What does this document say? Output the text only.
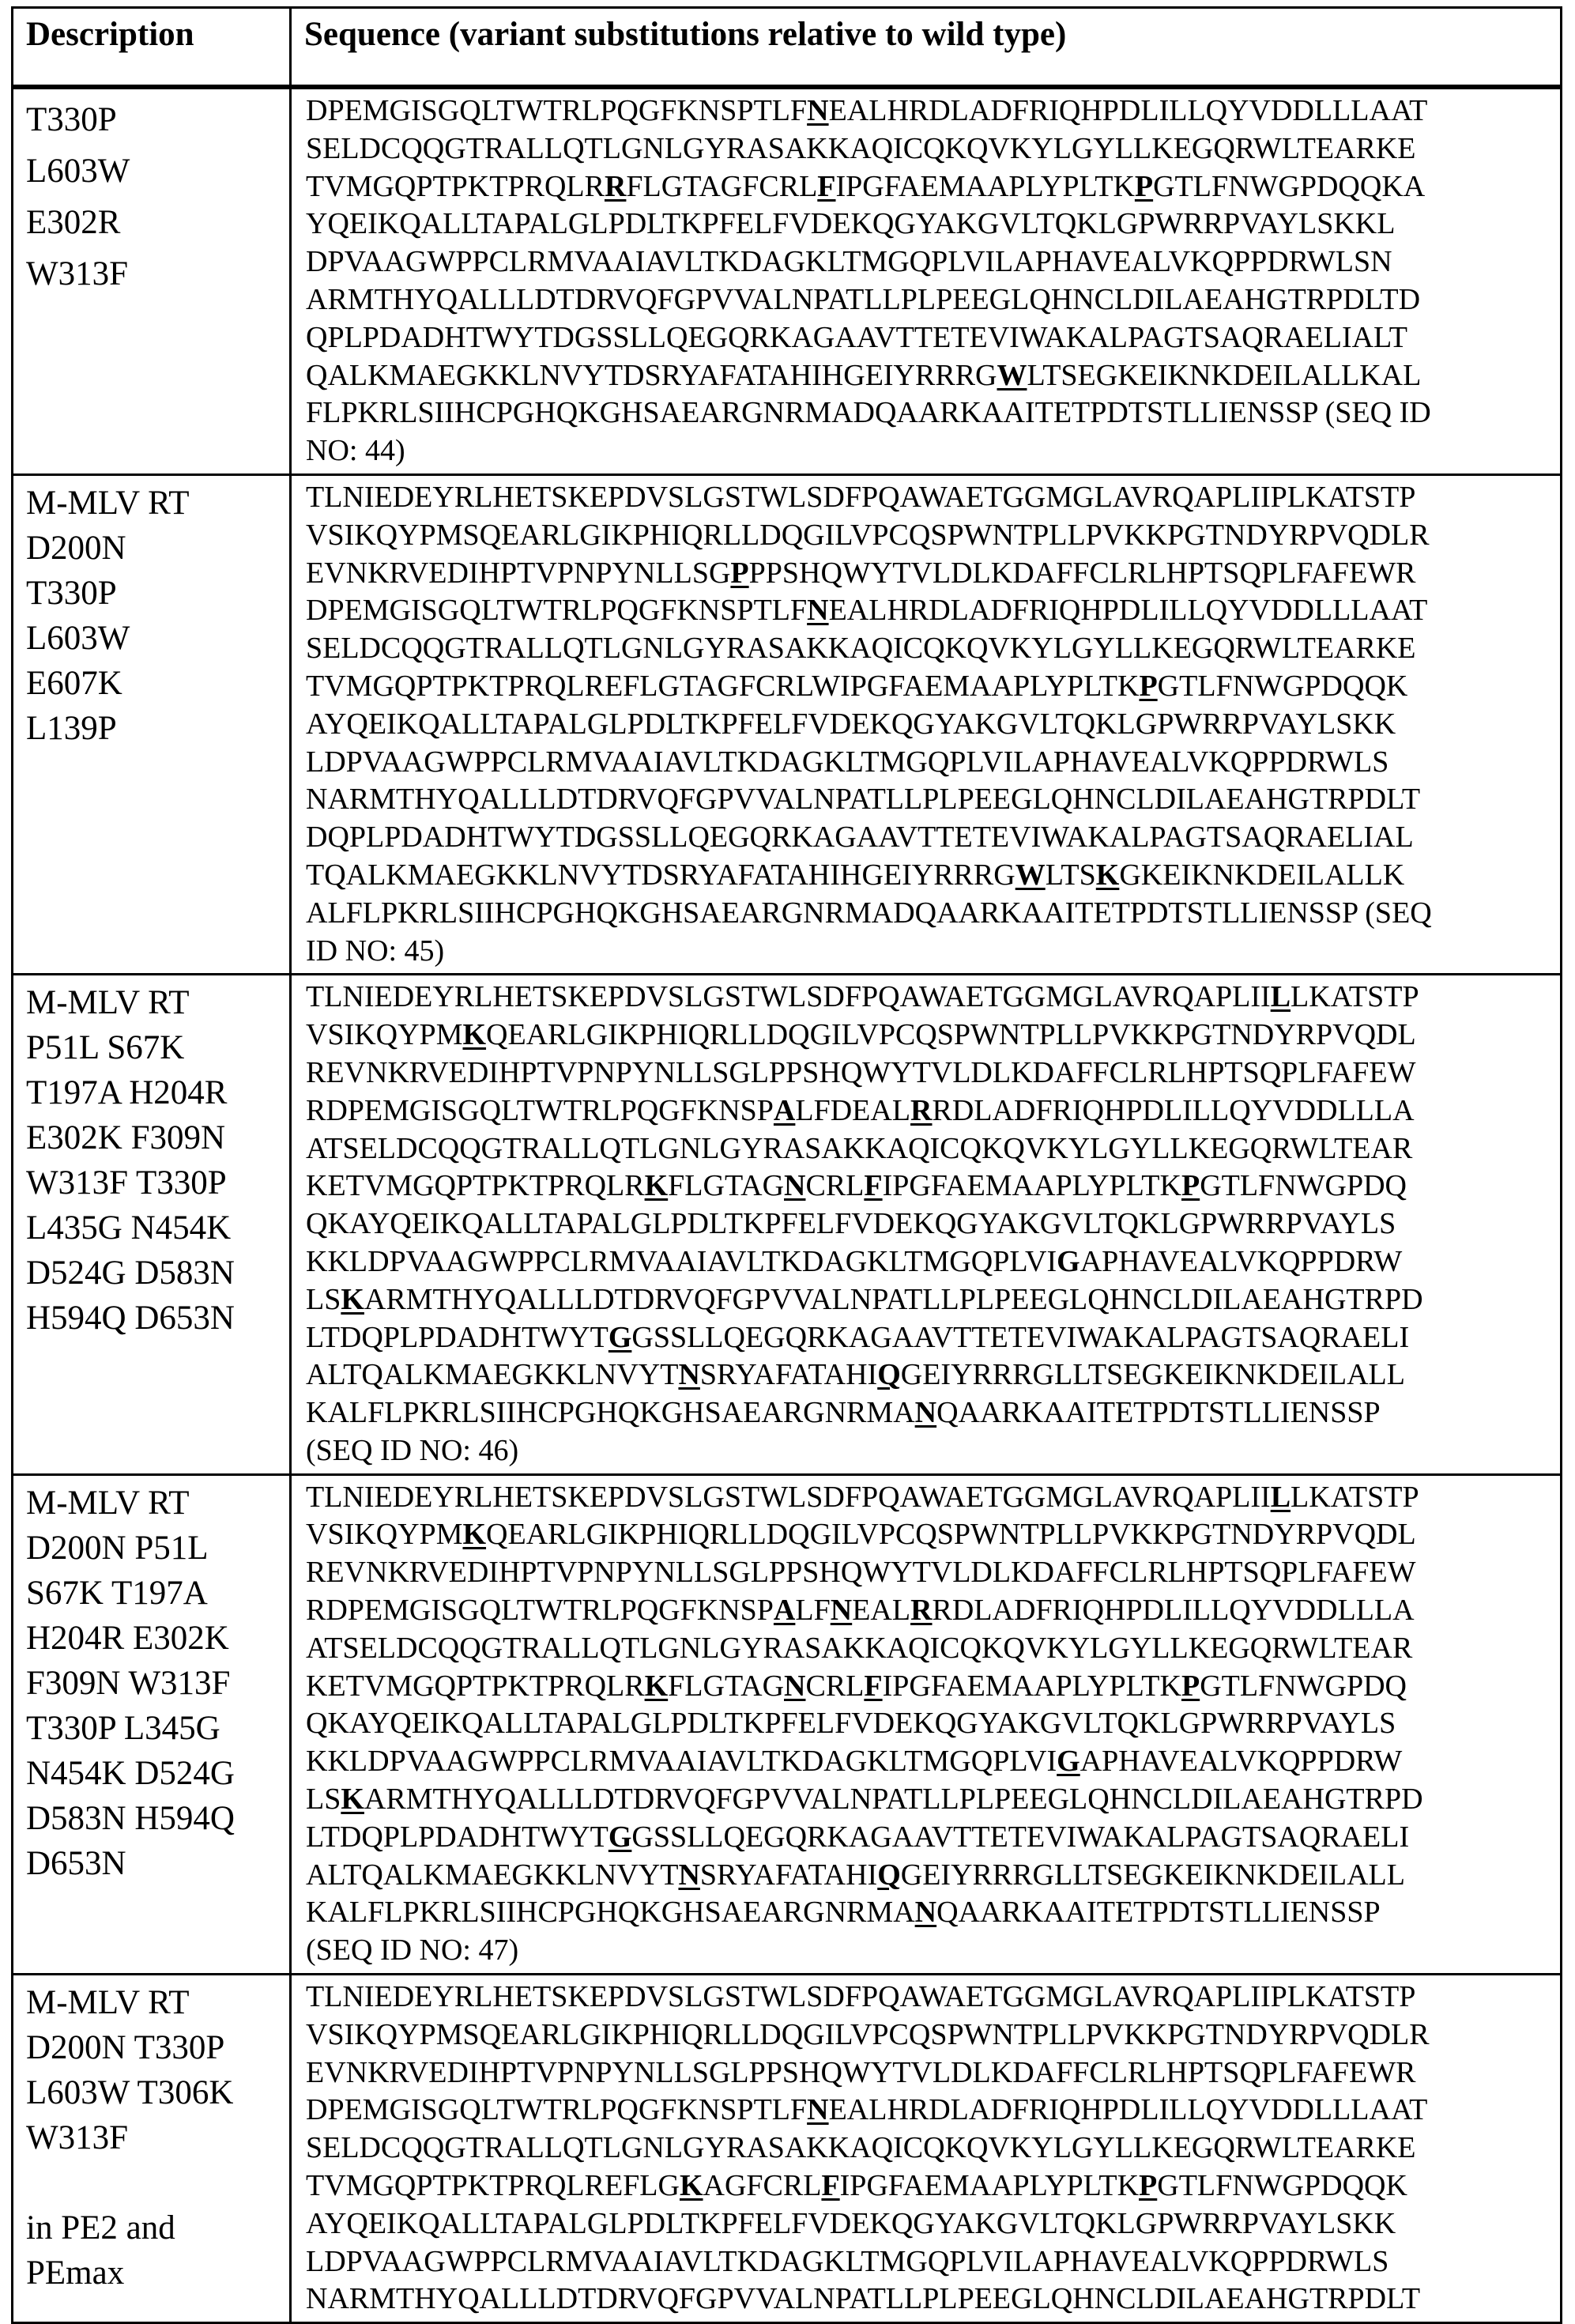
Description	Sequence (variant substitutions relative to wild type)

T330P
L603W
E302R
W313F

DPEMGISGQLTWTRLPQGFKNSPTLFNEALHRDLADFRIQHPDLILLQYVDDLLLAAT
SELDCQQGTRALLQTLGNLGYRASAKKAQICQKQVKYLGYLLKEGQRWLTEARKE
TVMGQPTPKTPRQLRRFLGTAGFCRLFIPGFAEMAAPLYPLTKPGTLFNWGPDQQKA
YQEIKQALLTAPALGLPDLTKPFELFVDEKQGYAKGVLTQKLGPWRRPVAYLSKKL
DPVAAGWPPCLRMVAAIAVLTKDAGKLTMGQPLVILAPHAVEALVKQPPDRWLSN
ARMTHYQALLLDTDRVQFGPVVALNPATLLPLPEEGLQHNCLDILAEAHGTRPDLTD
QPLPDADHTWYTDGSSLLQEGQRKAGAAVTTETEVIWAKALPAGTSAQRAELIALT
QALKMAEGKKLNVYTDSRYAFATAHIHGEIYRRRGWLTSEGKEIKNKDEILALLKAL
FLPKRLSIIHCPGHQKGHSAEARGNRMADQAARKAAITETPDTSTLLIENSSP (SEQ ID
NO: 44)

M-MLV RT
D200N
T330P
L603W
E607K
L139P

TLNIEDEYRLHETSKEPDVSLGSTWLSDFPQAWAETGGMGLAVRQAPLIIPLKATSTP
VSIKQYPMSQEARLGIKPHIQRLLDQGILVPCQSPWNTPLLPVKKPGTNDYRPVQDLR
EVNKRVEDIHPTVPNPYNLLSGPPPSHQWYTVLDLKDAFFCLRLHPTSQPLFAFEWR
DPEMGISGQLTWTRLPQGFKNSPTLFNEALHRDLADFRIQHPDLILLQYVDDLLLAAT
SELDCQQGTRALLQTLGNLGYRASAKKAQICQKQVKYLGYLLKEGQRWLTEARKE
TVMGQPTPKTPRQLREFLGTAGFCRLWIPGFAEMAAPLYPLTKPGTLFNWGPDQQK
AYQEIKQALLTAPALGLPDLTKPFELFVDEKQGYAKGVLTQKLGPWRRPVAYLSKK
LDPVAAGWPPCLRMVAAIAVLTKDAGKLTMGQPLVILAPHAVEALVKQPPDRWLS
NARMTHYQALLLDTDRVQFGPVVALNPATLLPLPEEGLQHNCLDILAEAHGTRPDLT
DQPLPDADHTWYTDGSSLLQEGQRKAGAAVTTETEVIWAKALPAGTSAQRAELIAL
TQALKMAEGKKLNVYTDSRYAFATAHIHGEIYRRRGWLTSKGKEIKNKDEILALLK
ALFLPKRLSIIHCPGHQKGHSAEARGNRMADQAARKAAITETPDTSTLLIENSSP (SEQ
ID NO: 45)

M-MLV RT
P51L S67K
T197A H204R
E302K F309N
W313F T330P
L435G N454K
D524G D583N
H594Q D653N

TLNIEDEYRLHETSKEPDVSLGSTWLSDFPQAWAETGGMGLAVRQAPLIILLKATSTP
VSIKQYPMKQEARLGIKPHIQRLLDQGILVPCQSPWNTPLLPVKKPGTNDYRPVQDL
REVNKRVEDIHPTVPNPYNLLSGLPPSHQWYTVLDLKDAFFCLRLHPTSQPLFAFEW
RDPEMGISGQLTWTRLPQGFKNSPALFDEALRRDLADFRIQHPDLILLQYVDDLLLA
ATSELDCQQGTRALLQTLGNLGYRASAKKAQICQKQVKYLGYLLKEGQRWLTEAR
KETVMGQPTPKTPRQLRKFLGTAGNCRLFIPGFAEMAAPLYPLTKPGTLFNWGPDQ
QKAYQEIKQALLTAPALGLPDLTKPFELFVDEKQGYAKGVLTQKLGPWRRPVAYLS
KKLDPVAAGWPPCLRMVAAIAVLTKDAGKLTMGQPLVIGAPHAVEALVKQPPDRW
LSKARMTHYQALLLDTDRVQFGPVVALNPATLLPLPEEGLQHNCLDILAEAHGTRPD
LTDQPLPDADHTWYTGGSSLLQEGQRKAGAAVTTETEVIWAKALPAGTSAQRAELI
ALTQALKMAEGKKLNVYTNSRYAFATAHIQGEIYRRRGLLTSEGKEIKNKDEILALL
KALFLPKRLSIIHCPGHQKGHSAEARGNRMANQAARKAAITETPDTSTLLIENSSP
(SEQ ID NO: 46)

M-MLV RT
D200N P51L
S67K T197A
H204R E302K
F309N W313F
T330P L345G
N454K D524G
D583N H594Q
D653N

TLNIEDEYRLHETSKEPDVSLGSTWLSDFPQAWAETGGMGLAVRQAPLIILLKATSTP
VSIKQYPMKQEARLGIKPHIQRLLDQGILVPCQSPWNTPLLPVKKPGTNDYRPVQDL
REVNKRVEDIHPTVPNPYNLLSGLPPSHQWYTVLDLKDAFFCLRLHPTSQPLFAFEW
RDPEMGISGQLTWTRLPQGFKNSPALFNEALRRDLADFRIQHPDLILLQYVDDLLLA
ATSELDCQQGTRALLQTLGNLGYRASAKKAQICQKQVKYLGYLLKEGQRWLTEAR
KETVMGQPTPKTPRQLRKFLGTAGNCRLFIPGFAEMAAPLYPLTKPGTLFNWGPDQ
QKAYQEIKQALLTAPALGLPDLTKPFELFVDEKQGYAKGVLTQKLGPWRRPVAYLS
KKLDPVAAGWPPCLRMVAAIAVLTKDAGKLTMGQPLVIGAPHAVEALVKQPPDRW
LSKARMTHYQALLLDTDRVQFGPVVALNPATLLPLPEEGLQHNCLDILAEAHGTRPD
LTDQPLPDADHTWYTGGSSLLQEGQRKAGAAVTTETEVIWAKALPAGTSAQRAELI
ALTQALKMAEGKKLNVYTNSRYAFATAHIQGEIYRRRGLLTSEGKEIKNKDEILALL
KALFLPKRLSIIHCPGHQKGHSAEARGNRMANQAARKAAITETPDTSTLLIENSSP
(SEQ ID NO: 47)

M-MLV RT
D200N T330P
L603W T306K
W313F
in PE2 and
PEmax

TLNIEDEYRLHETSKEPDVSLGSTWLSDFPQAWAETGGMGLAVRQAPLIIPLKATSTP
VSIKQYPMSQEARLGIKPHIQRLLDQGILVPCQSPWNTPLLPVKKPGTNDYRPVQDLR
EVNKRVEDIHPTVPNPYNLLSGLPPSHQWYTVLDLKDAFFCLRLHPTSQPLFAFEWR
DPEMGISGQLTWTRLPQGFKNSPTLFNEALHRDLADFRIQHPDLILLQYVDDLLLAAT
SELDCQQGTRALLQTLGNLGYRASAKKAQICQKQVKYLGYLLKEGQRWLTEARKE
TVMGQPTPKTPRQLREFLGKAGFCRLFIPGFAEMAAPLYPLTKPGTLFNWGPDQQK
AYQEIKQALLTAPALGLPDLTKPFELFVDEKQGYAKGVLTQKLGPWRRPVAYLSKK
LDPVAAGWPPCLRMVAAIAVLTKDAGKLTMGQPLVILAPHAVEALVKQPPDRWLS
NARMTHYQALLLDTDRVQFGPVVALNPATLLPLPEEGLQHNCLDILAEAHGTRPDLT
